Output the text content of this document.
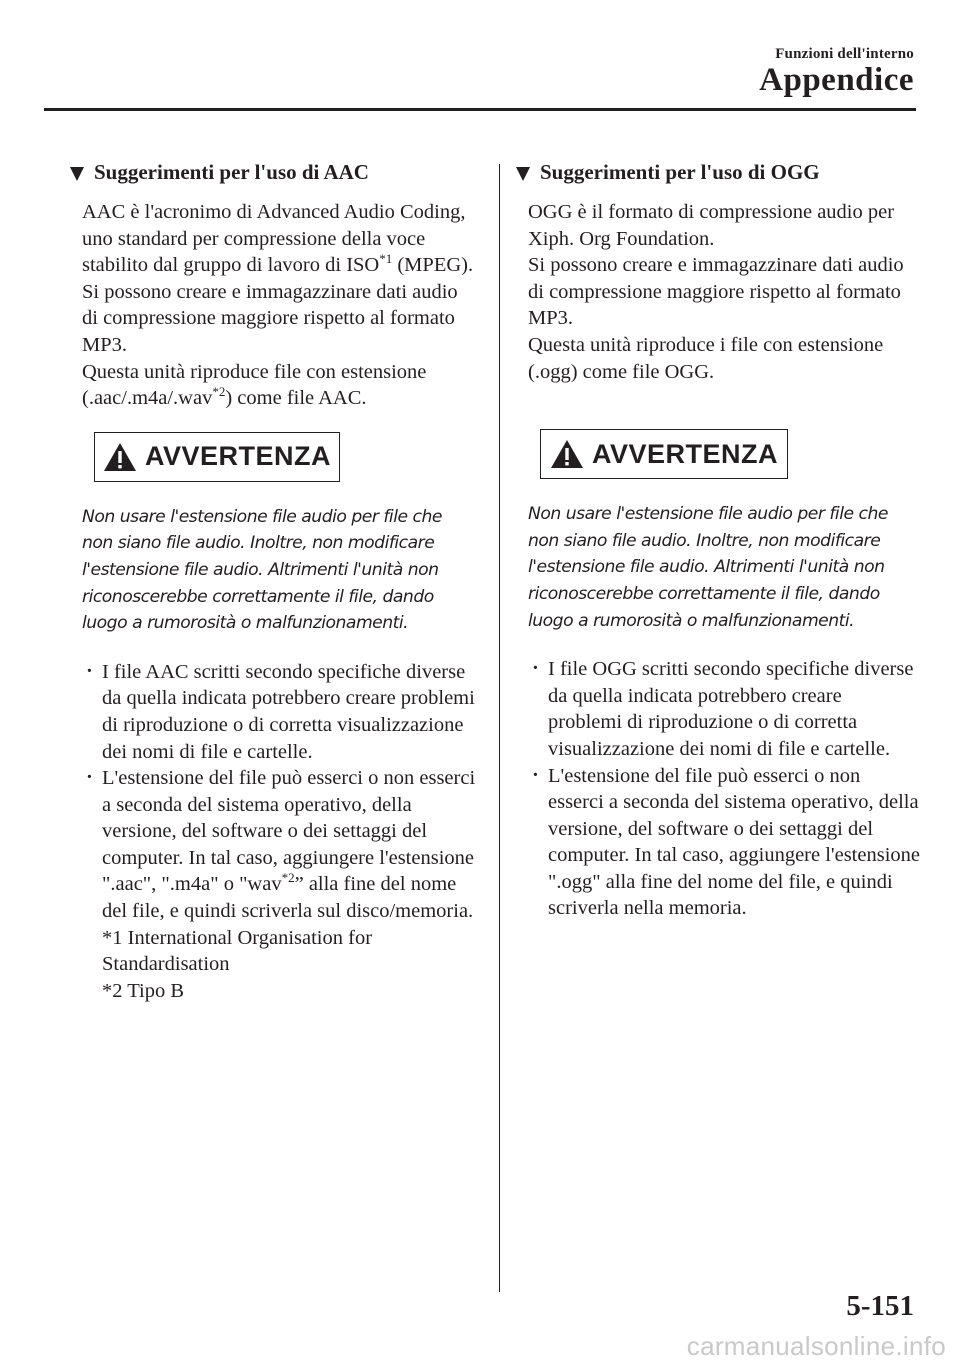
Funzioni dell'interno
Appendice
Suggerimenti per l'uso di AAC

AAC è l'acronimo di Advanced Audio Coding, uno standard per compressione della voce stabilito dal gruppo di lavoro di ISO$^{*1}$ (MPEG). Si possono creare e immagazzinare dati audio di compressione maggiore rispetto al formato MP3.

Questa unità riproduce file con estensione (.aac/.m4a/.wav$^{*2}$) come file AAC.

AVVERTENZA

Non usare l'estensione file audio per file che non siano file audio. Inoltre, non modificare l'estensione file audio. Altrimenti l'unità non riconoscerebbe correttamente il file, dando luogo a rumorosità o malfunzionamenti.

· I file AAC scritti secondo specifiche diverse da quella indicata potrebbero creare problemi di riproduzione o di corretta visualizzazione dei nomi di file e cartelle.
· L'estensione del file può esserci o non esserci a seconda del sistema operativo, della versione, del software o dei settaggi del computer. In tal caso, aggiungere l'estensione ".aac", ".m4a" o "wav$^{*2}$” alla fine del nome del file, e quindi scriverla sul disco/memoria.

*1 International Organisation for Standardisation

*2 Tipo B

Suggerimenti per l'uso di OGG

OGG è il formato di compressione audio per Xiph. Org Foundation.

Si possono creare e immagazzinare dati audio di compressione maggiore rispetto al formato MP3.

Questa unità riproduce i file con estensione (.ogg) come file OGG.

AVVERTENZA

Non usare l'estensione file audio per file che non siano file audio. Inoltre, non modificare l'estensione file audio. Altrimenti l'unità non riconoscerebbe correttamente il file, dando luogo a rumorosità o malfunzionamenti.

· I file OGG scritti secondo specifiche diverse da quella indicata potrebbero creare problemi di riproduzione o di corretta visualizzazione dei nomi di file e cartelle.
· L'estensione del file può esserci o non esserci a seconda del sistema operativo, della versione, del software o dei settaggi del computer. In tal caso, aggiungere l'estensione ".ogg" alla fine del nome del file, e quindi scriverla nella memoria.
5-151
carmanualsonline.info
